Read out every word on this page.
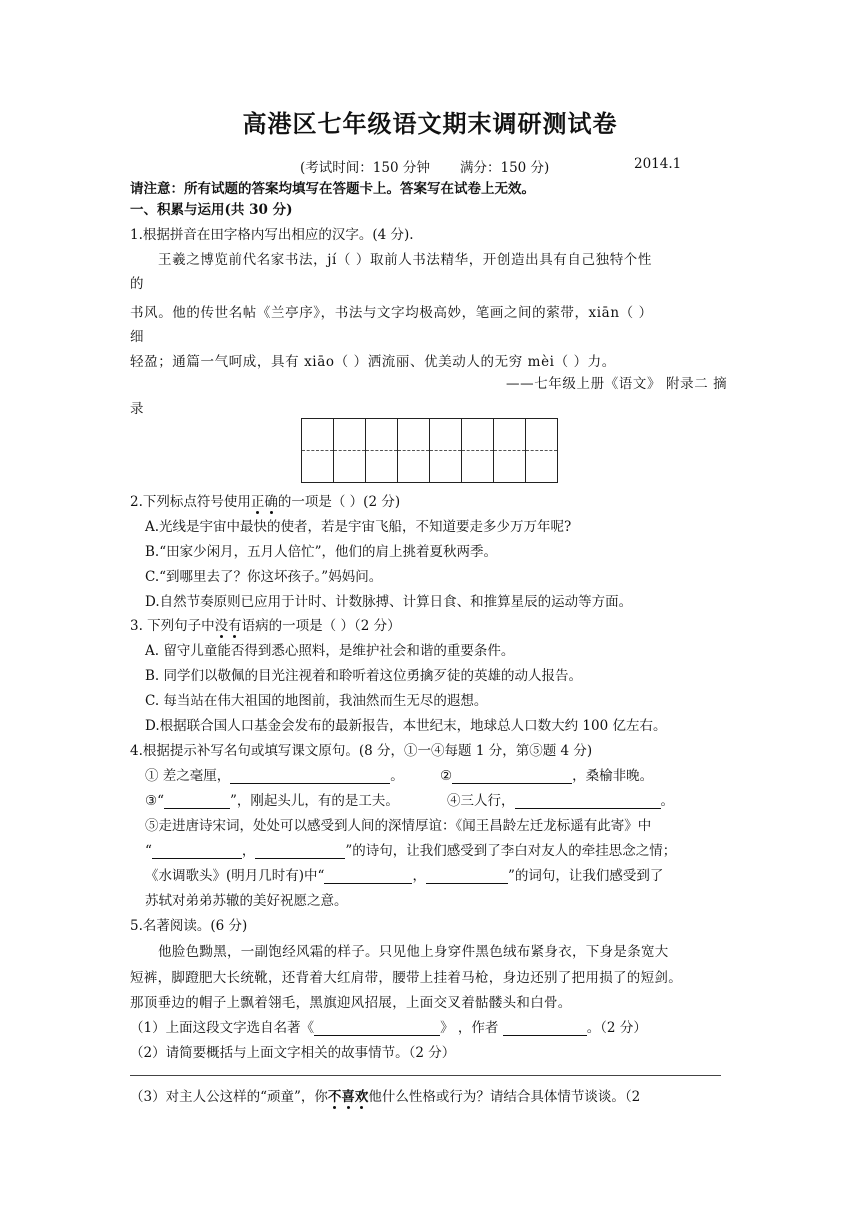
高港区七年级语文期末调研测试卷
(考试时间：150 分钟 满分：150 分)	2014.1
请注意：所有试题的答案均填写在答题卡上。答案写在试卷上无效。
一、积累与运用(共 30 分)
1.根据拼音在田字格内写出相应的汉字。(4 分).
王羲之博览前代名家书法，jí（ ）取前人书法精华，开创造出具有自己独特个性
的
书风。他的传世名帖《兰亭序》，书法与文字均极高妙，笔画之间的萦带，xiān（ ）
细
轻盈；通篇一气呵成，具有 xiāo（ ）洒流丽、优美动人的无穷 mèi（ ）力。
——七年级上册《语文》 附录二 摘
录

2.下列标点符号使用正确的一项是（ ）(2 分)
A.光线是宇宙中最快的使者，若是宇宙飞船，不知道要走多少万万年呢?
B.“田家少闲月，五月人倍忙”，他们的肩上挑着夏秋两季。
C.“到哪里去了？你这坏孩子。”妈妈问。
D.自然节奏原则已应用于计时、计数脉搏、计算日食、和推算星辰的运动等方面。
3. 下列句子中没有语病的一项是（ ）（2 分）
A. 留守儿童能否得到悉心照料，是维护社会和谐的重要条件。
B. 同学们以敬佩的目光注视着和聆听着这位勇擒歹徒的英雄的动人报告。
C. 每当站在伟大祖国的地图前，我油然而生无尽的遐想。
D.根据联合国人口基金会发布的最新报告，本世纪末，地球总人口数大约 100 亿左右。
4.根据提示补写名句或填写课文原句。(8 分，①一④每题 1 分，第⑤题 4 分)
① 差之毫厘，	。	②	，桑榆非晚。
③“	”，刚起头儿，有的是工夫。	④三人行，	。
⑤走进唐诗宋词，处处可以感受到人间的深情厚谊：《闻王昌龄左迁龙标遥有此寄》中
“	，	”的诗句，让我们感受到了李白对友人的牵挂思念之情；
《水调歌头》(明月几时有)中“	，	”的词句，让我们感受到了
苏轼对弟弟苏辙的美好祝愿之意。
5.名著阅读。(6 分)
他脸色黝黑，一副饱经风霜的样子。只见他上身穿件黑色绒布紧身衣，下身是条宽大
短裤，脚蹬肥大长统靴，还背着大红肩带，腰带上挂着马枪，身边还别了把用损了的短剑。
那顶垂边的帽子上飘着翎毛，黑旗迎风招展，上面交叉着骷髅头和白骨。
（1）上面这段文字选自名著《	》 ，作者	。（2 分）
（2）请简要概括与上面文字相关的故事情节。（2 分）
（3）对主人公这样的“顽童”，你不喜欢他什么性格或行为？请结合具体情节谈谈。（2
